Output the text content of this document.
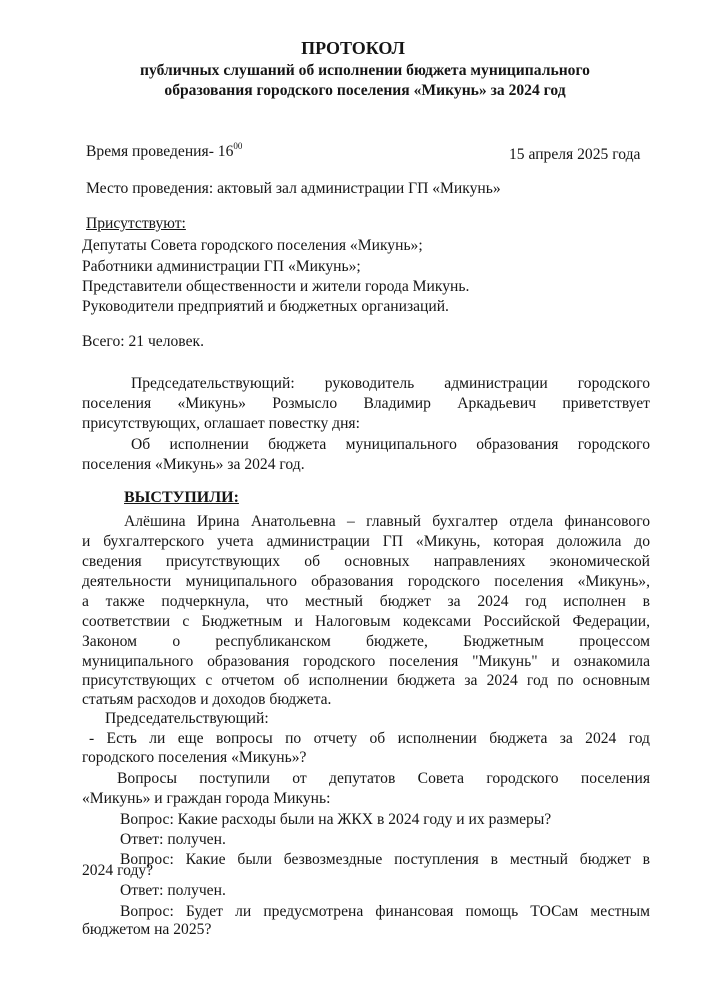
ПРОТОКОЛ
публичных слушаний об исполнении бюджета муниципального
образования городского поселения «Микунь» за 2024 год
Время проведения- $16^{00}$	15 апреля 2025 года
Место проведения: актовый зал администрации ГП «Микунь»
Присутствуют:
Депутаты Совета городского поселения «Микунь»;
Работники администрации ГП «Микунь»;
Представители общественности и жители города Микунь.
Руководители предприятий и бюджетных организаций.
Всего: 21 человек.
Председательствующий: руководитель администрации городского
поселения «Микунь» Розмысло Владимир Аркадьевич приветствует
присутствующих, оглашает повестку дня:
Об исполнении бюджета муниципального образования городского
поселения «Микунь» за 2024 год.
ВЫСТУПИЛИ:
Алёшина Ирина Анатольевна – главный бухгалтер отдела финансового
и бухгалтерского учета администрации ГП «Микунь, которая доложила до
сведения присутствующих об основных направлениях экономической
деятельности муниципального образования городского поселения «Микунь»,
а также подчеркнула, что местный бюджет за 2024 год исполнен в
соответствии с Бюджетным и Налоговым кодексами Российской Федерации,
Законом о республиканском бюджете, Бюджетным процессом
муниципального образования городского поселения "Микунь" и ознакомила
присутствующих с отчетом об исполнении бюджета за 2024 год по основным
статьям расходов и доходов бюджета.
Председательствующий:
- Есть ли еще вопросы по отчету об исполнении бюджета за 2024 год
городского поселения «Микунь»?
Вопросы поступили от депутатов Совета городского поселения
«Микунь» и граждан города Микунь:
Вопрос: Какие расходы были на ЖКХ в 2024 году и их размеры?
Ответ: получен.
Вопрос: Какие были безвозмездные поступления в местный бюджет в
2024 году?
Ответ: получен.
Вопрос: Будет ли предусмотрена финансовая помощь ТОСам местным
бюджетом на 2025?
